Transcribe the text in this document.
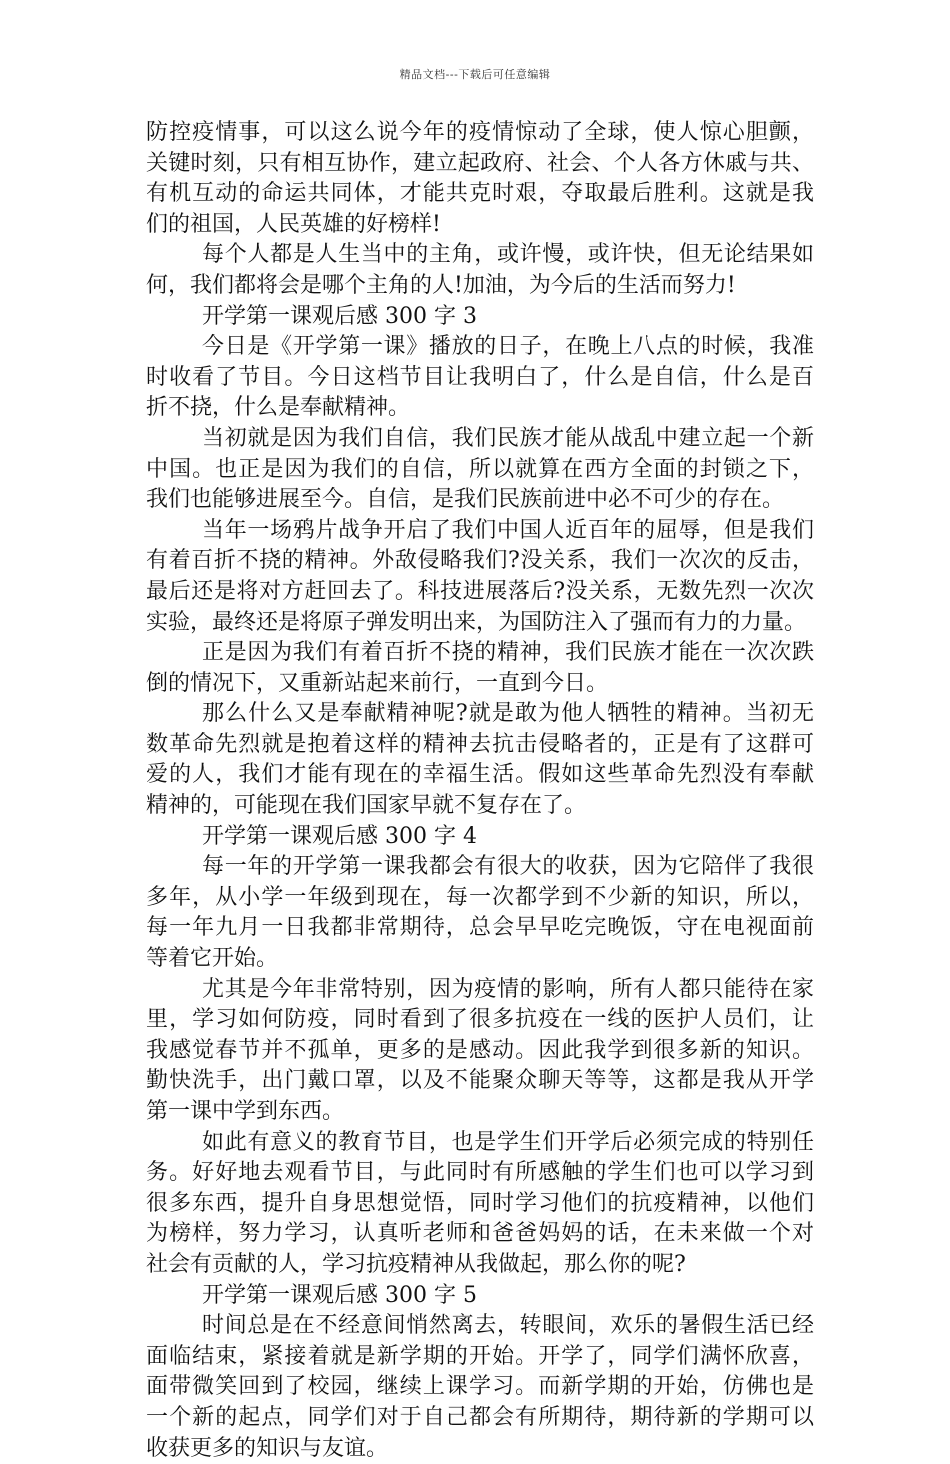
精品文档---下载后可任意编辑
防控疫情事，可以这么说今年的疫情惊动了全球，使人惊心胆颤，
关键时刻，只有相互协作，建立起政府、社会、个人各方休戚与共、
有机互动的命运共同体，才能共克时艰，夺取最后胜利。这就是我
们的祖国，人民英雄的好榜样!
每个人都是人生当中的主角，或许慢，或许快，但无论结果如
何，我们都将会是哪个主角的人!加油，为今后的生活而努力!
开学第一课观后感 300 字 3
今日是《开学第一课》播放的日子，在晚上八点的时候，我准
时收看了节目。今日这档节目让我明白了，什么是自信，什么是百
折不挠，什么是奉献精神。
当初就是因为我们自信，我们民族才能从战乱中建立起一个新
中国。也正是因为我们的自信，所以就算在西方全面的封锁之下，
我们也能够进展至今。自信，是我们民族前进中必不可少的存在。
当年一场鸦片战争开启了我们中国人近百年的屈辱，但是我们
有着百折不挠的精神。外敌侵略我们?没关系，我们一次次的反击，
最后还是将对方赶回去了。科技进展落后?没关系，无数先烈一次次
实验，最终还是将原子弹发明出来，为国防注入了强而有力的力量。
正是因为我们有着百折不挠的精神，我们民族才能在一次次跌
倒的情况下，又重新站起来前行，一直到今日。
那么什么又是奉献精神呢?就是敢为他人牺牲的精神。当初无
数革命先烈就是抱着这样的精神去抗击侵略者的，正是有了这群可
爱的人，我们才能有现在的幸福生活。假如这些革命先烈没有奉献
精神的，可能现在我们国家早就不复存在了。
开学第一课观后感 300 字 4
每一年的开学第一课我都会有很大的收获，因为它陪伴了我很
多年，从小学一年级到现在，每一次都学到不少新的知识，所以，
每一年九月一日我都非常期待，总会早早吃完晚饭，守在电视面前
等着它开始。
尤其是今年非常特别，因为疫情的影响，所有人都只能待在家
里，学习如何防疫，同时看到了很多抗疫在一线的医护人员们，让
我感觉春节并不孤单，更多的是感动。因此我学到很多新的知识。
勤快洗手，出门戴口罩，以及不能聚众聊天等等，这都是我从开学
第一课中学到东西。
如此有意义的教育节目，也是学生们开学后必须完成的特别任
务。好好地去观看节目，与此同时有所感触的学生们也可以学习到
很多东西，提升自身思想觉悟，同时学习他们的抗疫精神，以他们
为榜样，努力学习，认真听老师和爸爸妈妈的话，在未来做一个对
社会有贡献的人，学习抗疫精神从我做起，那么你的呢?
开学第一课观后感 300 字 5
时间总是在不经意间悄然离去，转眼间，欢乐的暑假生活已经
面临结束，紧接着就是新学期的开始。开学了，同学们满怀欣喜，
面带微笑回到了校园，继续上课学习。而新学期的开始，仿佛也是
一个新的起点，同学们对于自己都会有所期待，期待新的学期可以
收获更多的知识与友谊。
